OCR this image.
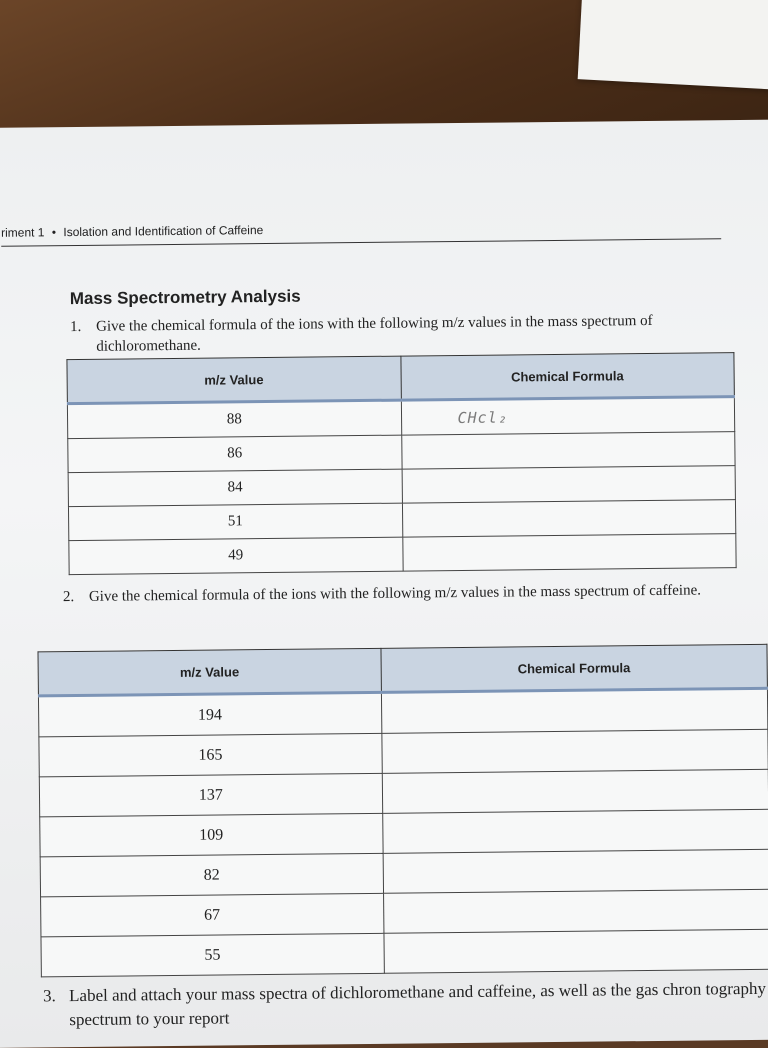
riment 1 • Isolation and Identification of Caffeine
Mass Spectrometry Analysis
1. Give the chemical formula of the ions with the following m/z values in the mass spectrum of dichloromethane.
m/z Value	Chemical Formula
88	CHcl₂
86	
84	
51	
49	
2. Give the chemical formula of the ions with the following m/z values in the mass spectrum of caffeine.
m/z Value	Chemical Formula
194	
165	
137	
109	
82	
67	
55	
3. Label and attach your mass spectra of dichloromethane and caffeine, as well as the gas chron tography spectrum to your report
